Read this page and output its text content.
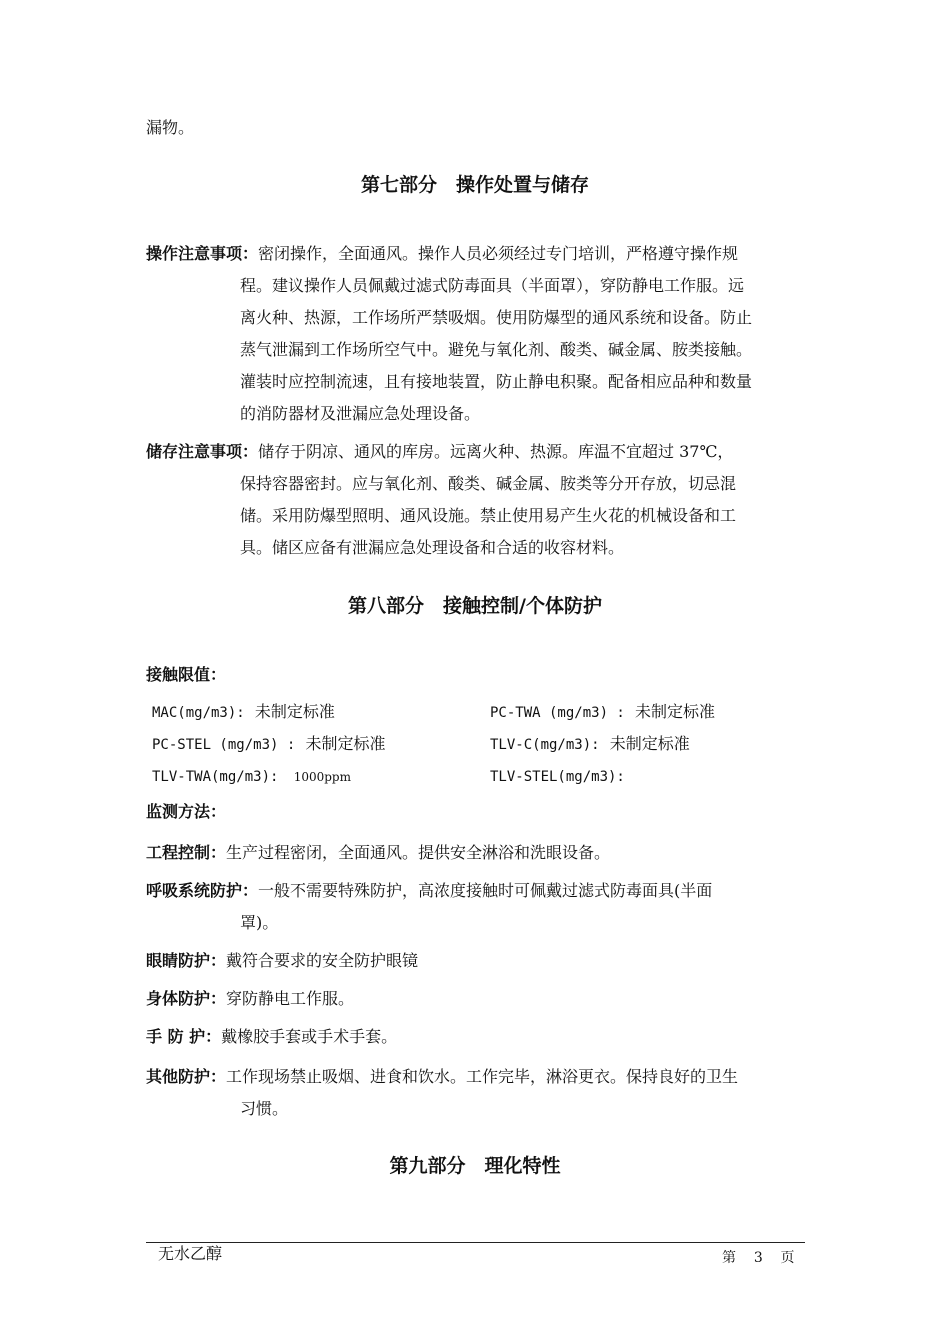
漏物。
第七部分　操作处置与储存
操作注意事项：密闭操作，全面通风。操作人员必须经过专门培训，严格遵守操作规
程。建议操作人员佩戴过滤式防毒面具（半面罩），穿防静电工作服。远
离火种、热源，工作场所严禁吸烟。使用防爆型的通风系统和设备。防止
蒸气泄漏到工作场所空气中。避免与氧化剂、酸类、碱金属、胺类接触。
灌装时应控制流速，且有接地装置，防止静电积聚。配备相应品种和数量
的消防器材及泄漏应急处理设备。
储存注意事项：储存于阴凉、通风的库房。远离火种、热源。库温不宜超过 37℃，
保持容器密封。应与氧化剂、酸类、碱金属、胺类等分开存放，切忌混
储。采用防爆型照明、通风设施。禁止使用易产生火花的机械设备和工
具。储区应备有泄漏应急处理设备和合适的收容材料。
第八部分　接触控制/个体防护
接触限值：
MAC(mg/m3): 未制定标准	PC-TWA (mg/m3) : 未制定标准
PC-STEL (mg/m3) : 未制定标准	TLV-C(mg/m3): 未制定标准
TLV-TWA(mg/m3): 1000ppm	TLV-STEL(mg/m3):
监测方法：
工程控制：生产过程密闭，全面通风。提供安全淋浴和洗眼设备。
呼吸系统防护：一般不需要特殊防护，高浓度接触时可佩戴过滤式防毒面具(半面
罩)。
眼睛防护：戴符合要求的安全防护眼镜
身体防护：穿防静电工作服。
手 防 护：戴橡胶手套或手术手套。
其他防护：工作现场禁止吸烟、进食和饮水。工作完毕，淋浴更衣。保持良好的卫生
习惯。
第九部分　理化特性
无水乙醇	第 3 页
